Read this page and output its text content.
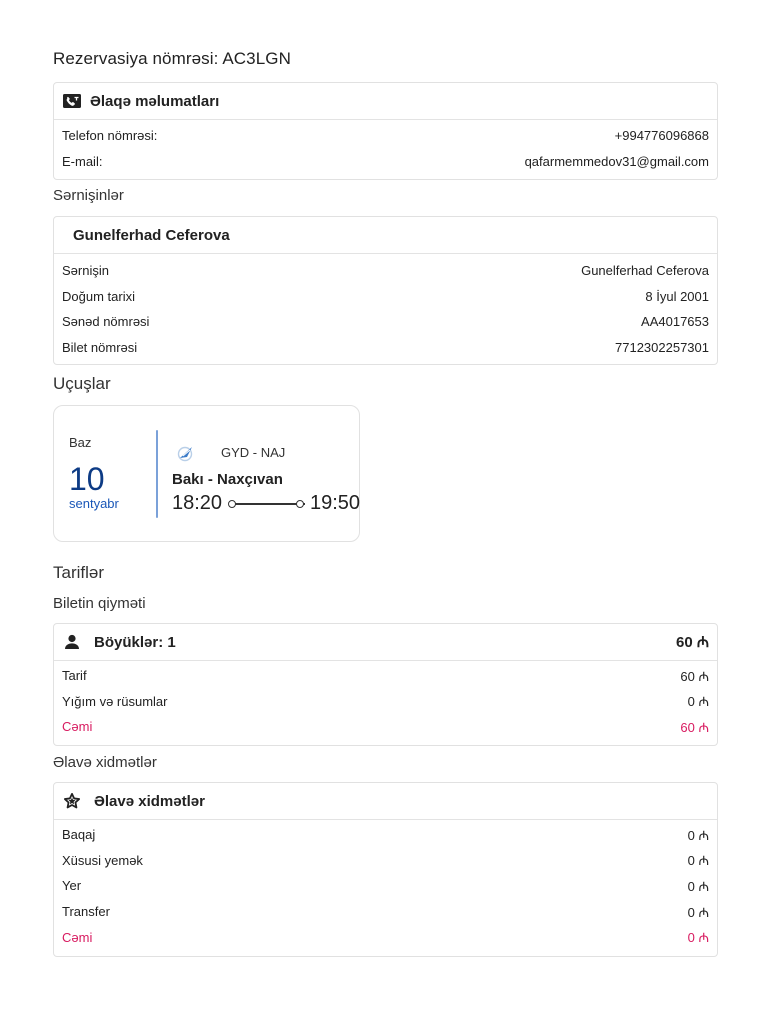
Rezervasiya nömrəsi: AC3LGN
Əlaqə məlumatları
Telefon nömrəsi:	+994776096868
E-mail:	qafarmemmedov31@gmail.com
Sərnişinlər
Gunelferhad Ceferova
Sərnişin	Gunelferhad Ceferova
Doğum tarixi	8 İyul 2001
Sənəd nömrəsi	AA4017653
Bilet nömrəsi	7712302257301
Uçuşlar
Baz
10
sentyabr
GYD - NAJ
Bakı - Naxçıvan
18:20	19:50
Tariflər
Biletin qiyməti
Böyüklər: 1	60 ₼
Tarif	60 ₼
Yığım və rüsumlar	0 ₼
Cəmi	60 ₼
Əlavə xidmətlər
Əlavə xidmətlər
Baqaj	0 ₼
Xüsusi yemək	0 ₼
Yer	0 ₼
Transfer	0 ₼
Cəmi	0 ₼
